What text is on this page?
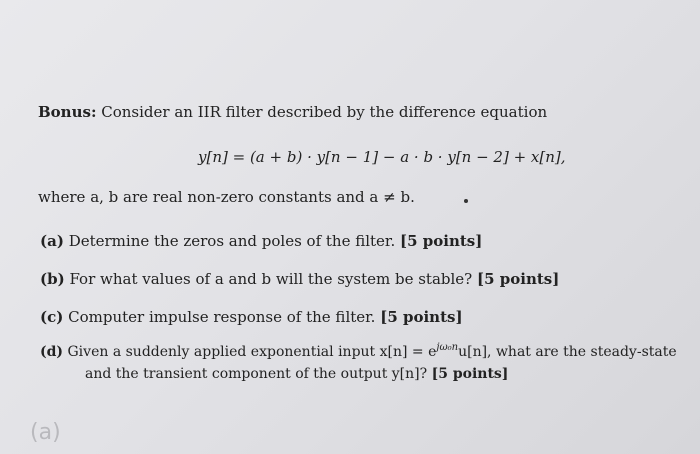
Bonus: Consider an IIR filter described by the difference equation
y[n] = (a + b) · y[n − 1] − a · b · y[n − 2] + x[n],
where a, b are real non-zero constants and a ≠ b.
(a) Determine the zeros and poles of the filter. [5 points]
(b) For what values of a and b will the system be stable? [5 points]
(c) Computer impulse response of the filter. [5 points]
(d) Given a suddenly applied exponential input $x[n] = e^{j\omega_0n}u[n]$, what are the steady-state
and the transient component of the output y[n]? [5 points]
(a)
